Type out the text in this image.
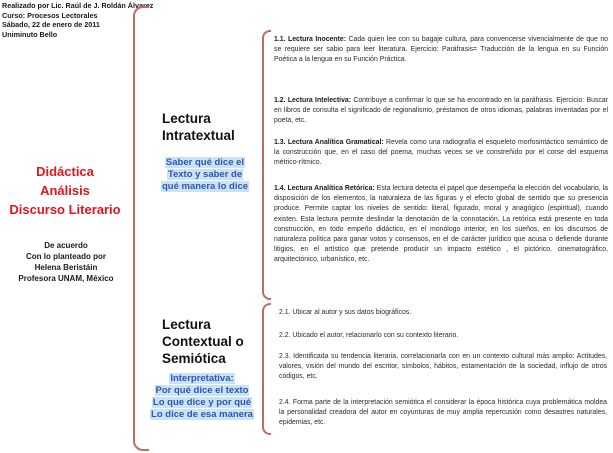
Realizado por Lic. Raúl de J. Roldán Álvarez
Curso: Procesos Lectorales
Sábado, 22 de enero de 2011
Uniminuto Bello
Didáctica
Análisis
Discurso Literario
De acuerdo
Con lo planteado por
Helena Beristáin
Profesora UNAM, México
Lectura
Intratextual
Saber qué dice el
Texto y saber de
qué manera lo dice
1.1. Lectura Inocente: Cada quien lee con su bagaje cultura, para convencerse vivencialmente de que no se requiere ser sabio para leer literatura. Ejercicio: Paráfrasis= Traducción de la lengua en su Función Poética a la lengua en su Función Práctica.
1.2. Lectura Intelectiva: Contribuye a confirmar lo que se ha encontrado en la paráfrasis. Ejercicio: Buscar en libros de consulta el significado de regionalismo, préstamos de otros idiomas, palabras inventadas por el poeta, etc.
1.3. Lectura Analítica Gramatical: Revela como una radiografía el esqueleto morfosintáctico semántico de la construcción que, en el caso del poema, muchas veces se ve constreñido por el corse del esquema métrico-rítmico.
1.4. Lectura Analítica Retórica: Esta lectura detecta el papel que desempeña la elección del vocabulario, la disposición de los elementos, la naturaleza de las figuras y el efecto global de sentido que su presencia produce. Permite captar los niveles de sentido: literal, figurado, moral y anagógico (espiritual), cuando existen. Esta lectura permite deslindar la denotación de la connotación. La retórica está presente en toda construcción, en todo empeño didáctico, en el monólogo interior, en los sueños, en los discursos de naturaleza política para ganar votos y consensos, en el de carácter jurídico que acusa o defiende durante litigios, en el artístico que pretende producir un impacto estético , el pictórico, cinematográfico, arquitectónico, urbanístico, etc.
Lectura
Contextual o
Semiótica
Interpretativa:
Por qué dice el texto
Lo que dice y por qué
Lo dice de esa manera
2.1. Ubicar al autor y sus datos biográficos.
2.2. Ubicado el autor, relacionarlo con su contexto literario.
2.3. Identificada su tendencia literaria, correlacionarla con en un contexto cultural más amplio: Actitudes, valores, visión del mundo del escritor, símbolos, hábitos, estamentación de la sociedad, influjo de otros códigos, etc.
2.4. Forma parte de la interpretación semiótica el considerar la época histórica cuya problemática moldea la personalidad creadora del autor en coyunturas de muy amplia repercusión como desastres naturales, epidemias, etc.
